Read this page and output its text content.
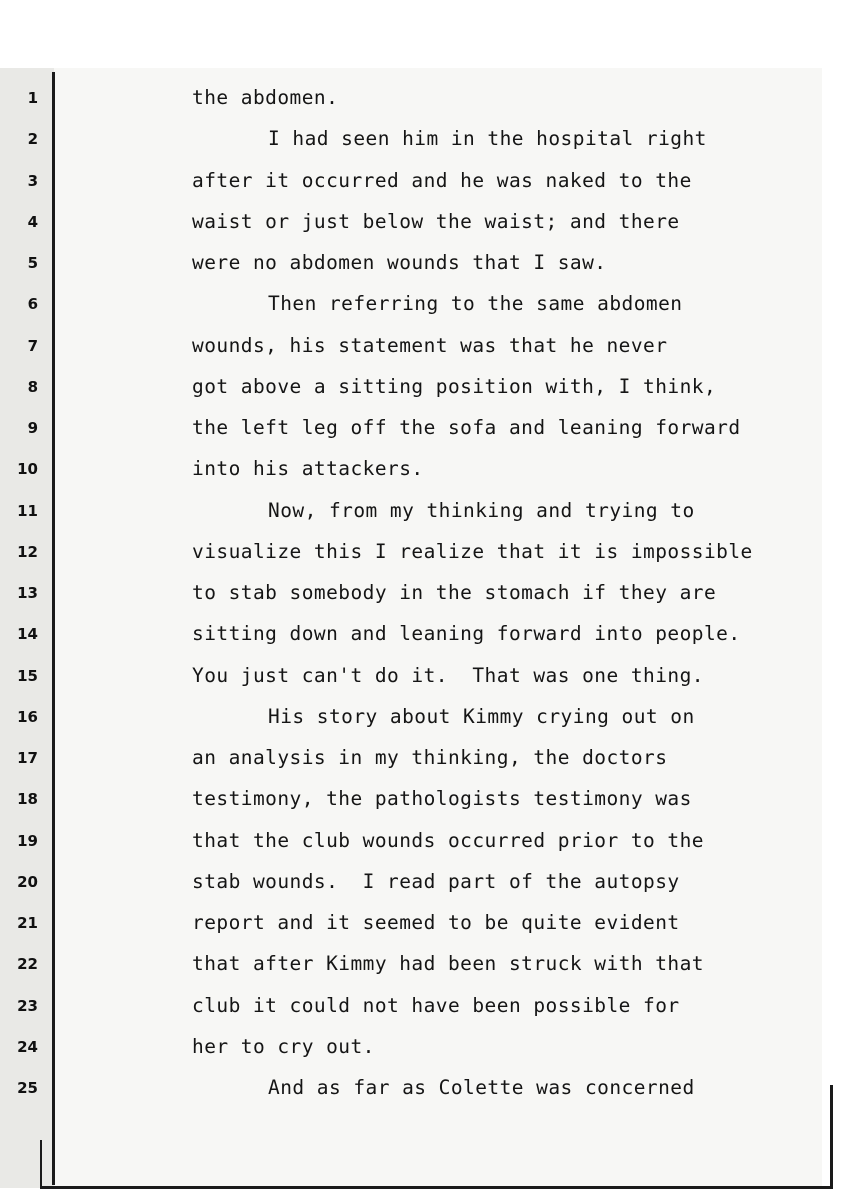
1
2
3
4
5
6
7
8
9
10
11
12
13
14
15
16
17
18
19
20
21
22
23
24
25
the abdomen.
I had seen him in the hospital right
after it occurred and he was naked to the
waist or just below the waist; and there
were no abdomen wounds that I saw.
Then referring to the same abdomen
wounds, his statement was that he never
got above a sitting position with, I think,
the left leg off the sofa and leaning forward
into his attackers.
Now, from my thinking and trying to
visualize this I realize that it is impossible
to stab somebody in the stomach if they are
sitting down and leaning forward into people.
You just can't do it.  That was one thing.
His story about Kimmy crying out on
an analysis in my thinking, the doctors
testimony, the pathologists testimony was
that the club wounds occurred prior to the
stab wounds.  I read part of the autopsy
report and it seemed to be quite evident
that after Kimmy had been struck with that
club it could not have been possible for
her to cry out.
And as far as Colette was concerned
